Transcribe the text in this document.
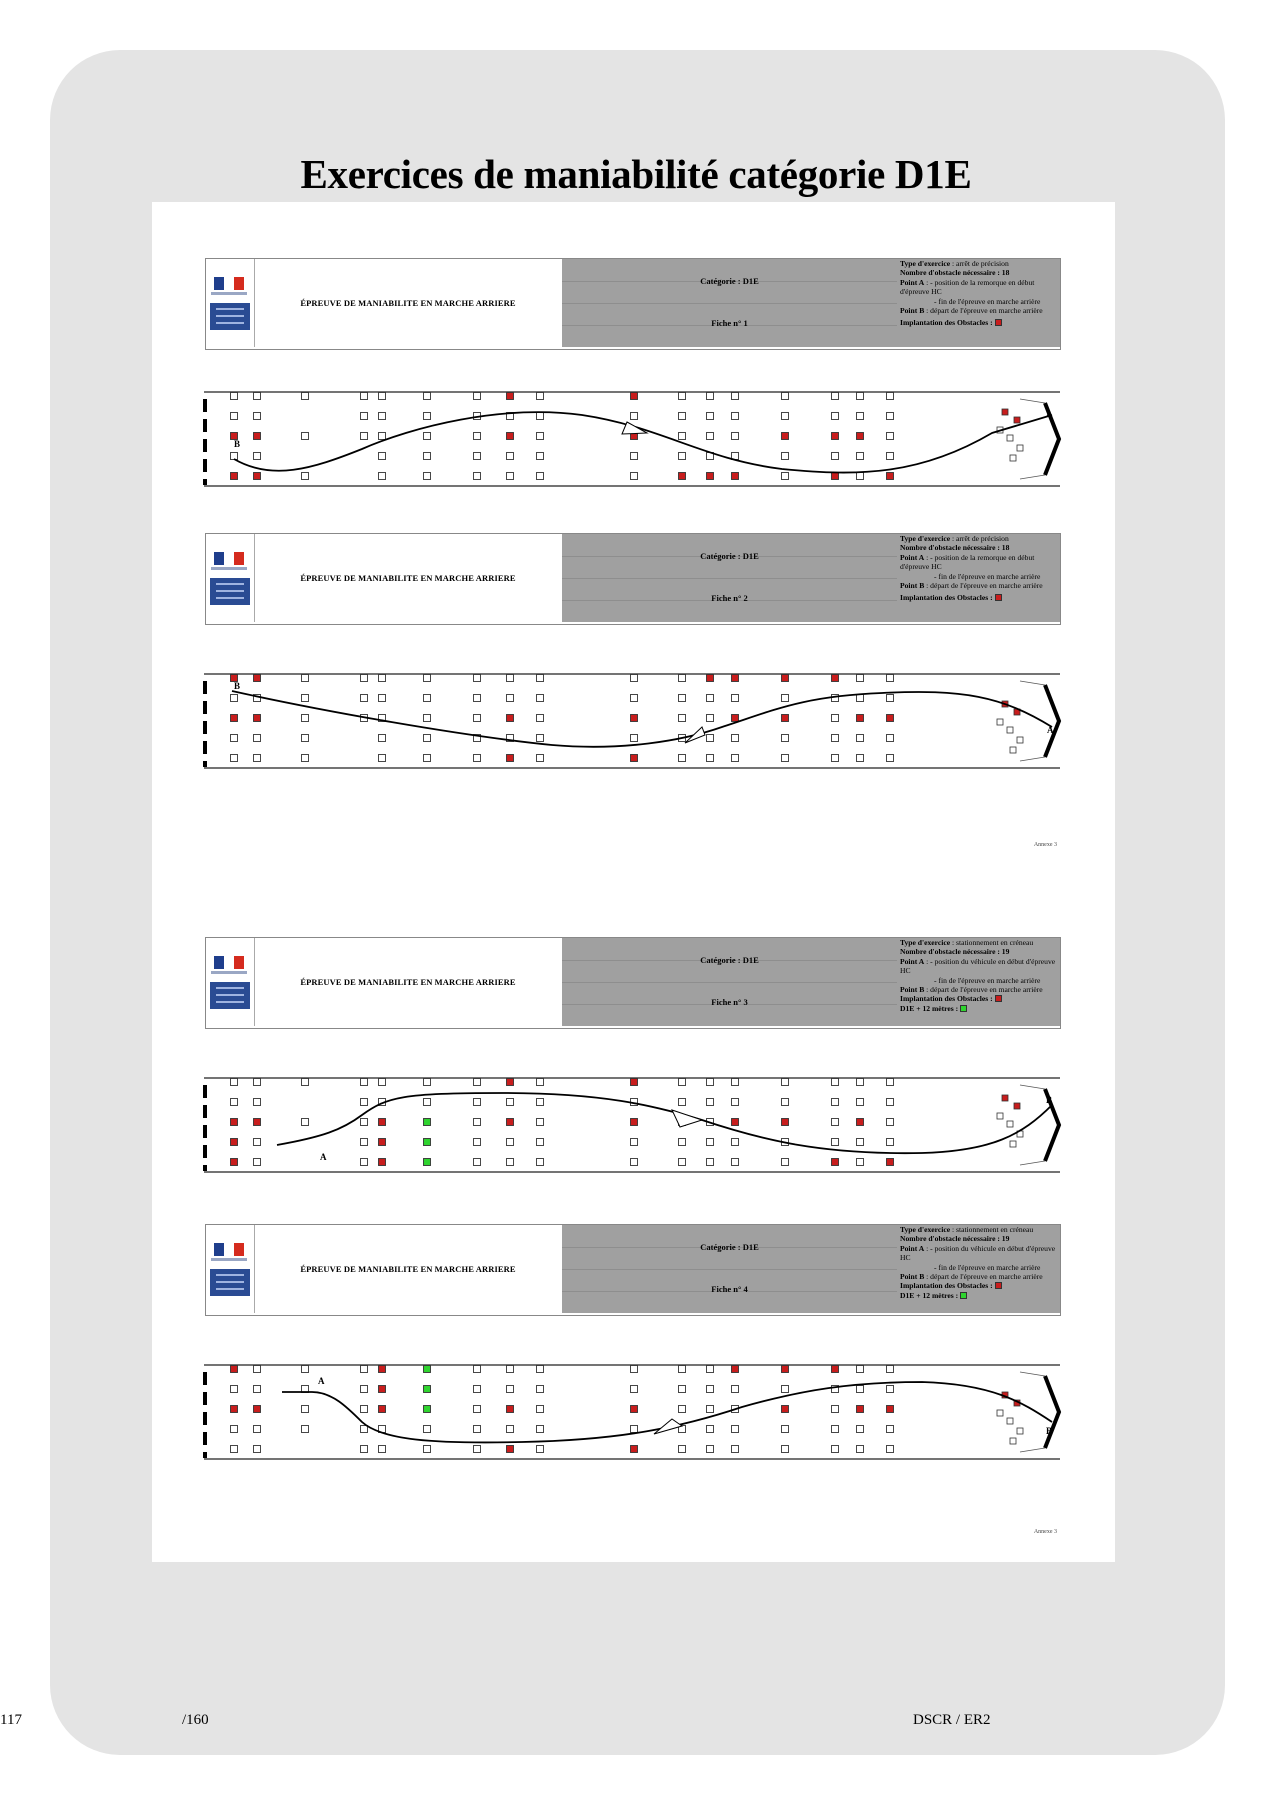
Exercices de maniabilité catégorie D1E
ÉPREUVE DE MANIABILITE EN MARCHE ARRIERE
Catégorie : D1E
Fiche n° 1
Type d'exercice : arrêt de précision
Nombre d'obstacle nécessaire : 18
Point A : - position de la remorque en début d'épreuve HC
- fin de l'épreuve en marche arrière
Point B : départ de l'épreuve en marche arrière
Implantation des Obstacles :
B
A
ÉPREUVE DE MANIABILITE EN MARCHE ARRIERE
Catégorie : D1E
Fiche n° 2
Type d'exercice : arrêt de précision
Nombre d'obstacle nécessaire : 18
Point A : - position de la remorque en début d'épreuve HC
- fin de l'épreuve en marche arrière
Point B : départ de l'épreuve en marche arrière
Implantation des Obstacles :
B
A
Annexe 3
ÉPREUVE DE MANIABILITE EN MARCHE ARRIERE
Catégorie : D1E
Fiche n° 3
Type d'exercice : stationnement en créneau
Nombre d'obstacle nécessaire : 19
Point A : - position du véhicule en début d'épreuve HC
- fin de l'épreuve en marche arrière
Point B : départ de l'épreuve en marche arrière
Implantation des Obstacles :
D1E + 12 mètres :
A
B
ÉPREUVE DE MANIABILITE EN MARCHE ARRIERE
Catégorie : D1E
Fiche n° 4
Type d'exercice : stationnement en créneau
Nombre d'obstacle nécessaire : 19
Point A : - position du véhicule en début d'épreuve HC
- fin de l'épreuve en marche arrière
Point B : départ de l'épreuve en marche arrière
Implantation des Obstacles :
D1E + 12 mètres :
A
B
Annexe 3
117	/160	DSCR / ER2
